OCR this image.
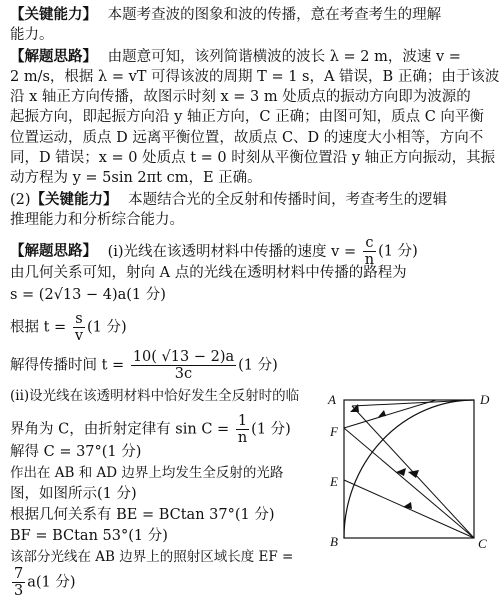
【关键能力】 本题考查波的图象和波的传播，意在考查考生的理解
能力。
【解题思路】 由题意可知，该列简谐横波的波长 λ = 2 m，波速 v =
2 m/s，根据 λ = vT 可得该波的周期 T = 1 s，A 错误，B 正确；由于该波
沿 x 轴正方向传播，故图示时刻 x = 3 m 处质点的振动方向即为波源的
起振方向，即起振方向沿 y 轴正方向，C 正确；由图可知，质点 C 向平衡
位置运动，质点 D 远离平衡位置，故质点 C、D 的速度大小相等，方向不
同，D 错误；x = 0 处质点 t = 0 时刻从平衡位置沿 y 轴正方向振动，其振
动方程为 y = 5sin 2πt cm，E 正确。
(2)【关键能力】 本题结合光的全反射和传播时间，考查考生的逻辑
推理能力和分析综合能力。
【解题思路】 (i)光线在该透明材料中传播的速度 $v = \frac{c}{n} (1$ 分)
由几何关系可知，射向 A 点的光线在透明材料中传播的路程为
s = (2√13 − 4)a(1 分)
根据 $t = \frac{s}{v} (1$ 分)
解得传播时间 $t = \frac{10( √13 - 2)a}{3c} (1$ 分)
(ii)设光线在该透明材料中恰好发生全反射时的临
界角为 C，由折射定律有 $\sin C = \frac{1}{n} (1$ 分)
解得 C = 37°(1 分)
作出在 AB 和 AD 边界上均发生全反射的光路
图，如图所示(1 分)
根据几何关系有 BE = BCtan 37°(1 分)
BF = BCtan 53°(1 分)
该部分光线在 AB 边界上的照射区域长度 EF =
$\frac{7}{3} a(1$ 分)
A	D
F
E
B	C
